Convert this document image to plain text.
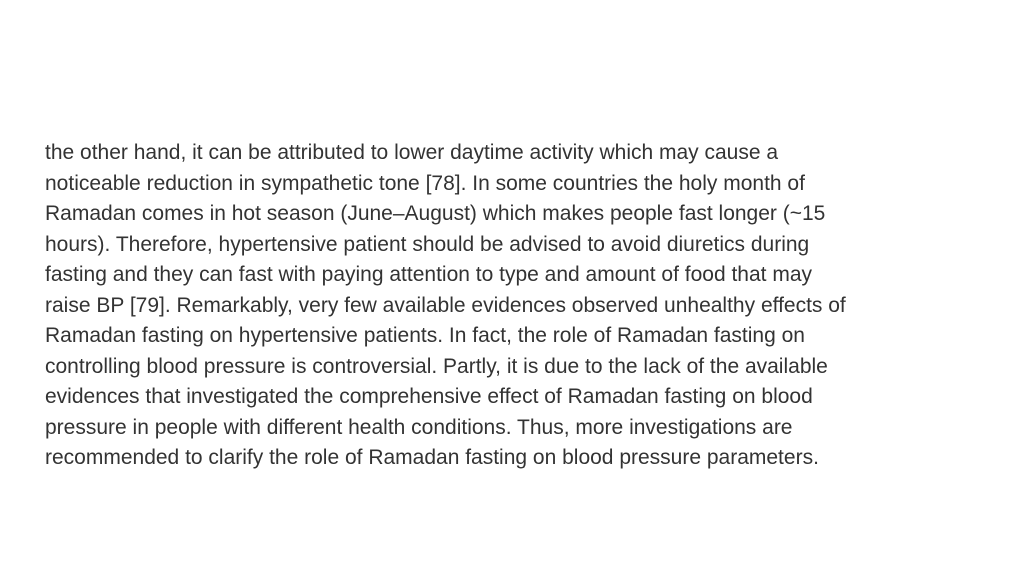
the other hand, it can be attributed to lower daytime activity which may cause a
noticeable reduction in sympathetic tone [78]. In some countries the holy month of
Ramadan comes in hot season (June–August) which makes people fast longer (~15
hours). Therefore, hypertensive patient should be advised to avoid diuretics during
fasting and they can fast with paying attention to type and amount of food that may
raise BP [79]. Remarkably, very few available evidences observed unhealthy effects of
Ramadan fasting on hypertensive patients. In fact, the role of Ramadan fasting on
controlling blood pressure is controversial. Partly, it is due to the lack of the available
evidences that investigated the comprehensive effect of Ramadan fasting on blood
pressure in people with different health conditions. Thus, more investigations are
recommended to clarify the role of Ramadan fasting on blood pressure parameters.
